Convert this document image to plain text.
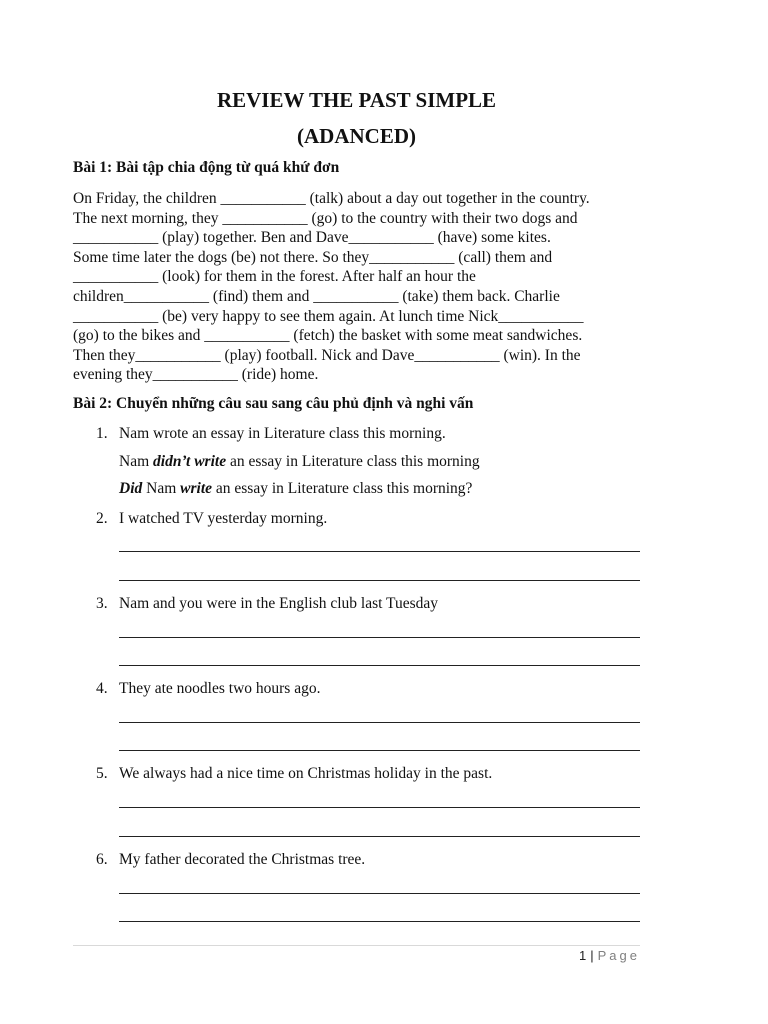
REVIEW THE PAST SIMPLE
(ADANCED)
Bài 1: Bài tập chia động từ quá khứ đơn
On Friday, the children ___________ (talk) about a day out together in the country.
The next morning, they ___________ (go) to the country with their two dogs and
___________ (play) together. Ben and Dave___________ (have) some kites.
Some time later the dogs (be) not there. So they___________ (call) them and
___________ (look) for them in the forest. After half an hour the
children___________ (find) them and ___________ (take) them back. Charlie
___________ (be) very happy to see them again. At lunch time Nick___________
(go) to the bikes and ___________ (fetch) the basket with some meat sandwiches.
Then they___________ (play) football. Nick and Dave___________ (win). In the
evening they___________ (ride) home.
Bài 2: Chuyển những câu sau sang câu phủ định và nghi vấn
1. Nam wrote an essay in Literature class this morning.
Nam didn’t write an essay in Literature class this morning
Did Nam write an essay in Literature class this morning?
2. I watched TV yesterday morning.
3. Nam and you were in the English club last Tuesday
4. They ate noodles two hours ago.
5. We always had a nice time on Christmas holiday in the past.
6. My father decorated the Christmas tree.
1 | Page
